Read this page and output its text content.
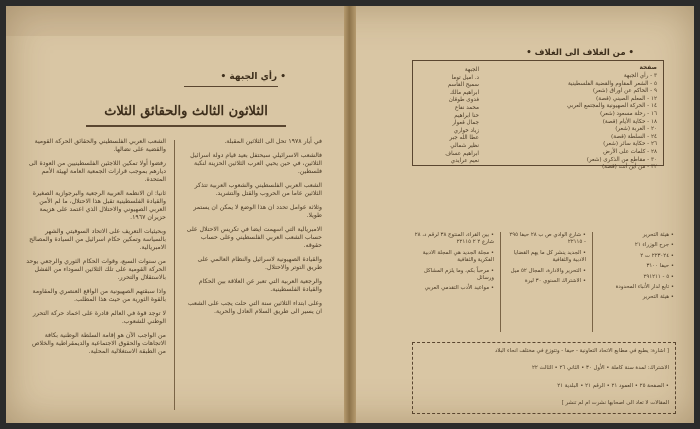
• رأي الجبهة •
الثلاثون الثالث والحقائق الثلاث

الشعب العربي الفلسطيني والحقائق الحركة القومية والقضية على نضالها.

رفضوا أولا تمكين اللاجئين الفلسطينيين من العودة الى ديارهم بموجب قرارات الجمعية العامة لهيئة الأمم المتحدة.

ثانيا: ان الانظمة العربية الرجعية والبرجوازية الصغيرة والقيادة الفلسطينية تقبل هذا الاحتلال، ما لم الأمن العربي الصهيوني والاحتلال الذي اعتمد على هزيمة حزيران ١٩٦٧.

وبحيثيات التعريف على الاتحاد السوفيتي والشهر بالسياسة وتمكين حكام اسرائيل من السيادة والمصالح الامبريالية.

من سنوات السبع، وقوات الحكام الثوري والرجعي يوحد الحركة القومية على تلك الثلاثين السوداء من الفشل بالاستقلال والتحرر.

واذا سبقتهم الصهيونية من الواقع العنصري والمقاومة بالقوة الثورية من حيث هذا المطلب.

لا توجد قوة في العالم قادرة على اخماد حركة التحرر الوطني للشعوب.

من الواجب الآن هو إقامة السلطة الوطنية بكافة الاتجاهات والحقوق الاجتماعية والديمقراطية والخلاص من الطبقة الاستغلالية المحلية.

في أيار ١٩٧٨ تحل الى الثلاثين المقبلة.

فالشعب الاسرائيلي سيحتفل بعيد قيام دولة اسرائيل الثلاثين، في حين يحيي العرب الثلاثين الحزينة لنكبة فلسطين.

الشعب العربي الفلسطيني والشعوب العربية تتذكر الثلاثين عاما من الحروب والقتل والتشريد.

وثلاثة عوامل تحدد ان هذا الوضع لا يمكن ان يستمر طويلا.

الامبريالية التي اسهمت ايضا في تكريس الاحتلال على حساب الشعب العربي الفلسطيني وعلى حساب حقوقه.

والقيادة الصهيونية لاسرائيل والنظام العالمي على طريق التوتر والاحتلال.

والرجعية العربية التي تعبر عن العلاقة بين الحكام والقيادة الفلسطينية.

وعلى ابتداء الثلاثين سنة التي حلت يجب على الشعب ان يسير الى طريق السلام العادل والحرية.

• من الغلاف الى الغلاف •
صفحة
الجبهة
د. اميل توما
سميح القاسم
ابراهيم مالك
فدوى طوقان
محمد نفاع
حنا ابراهيم
جمال قعوار
زياد خواري
عطا الله جبر
نظير شمالي
ابراهيم عساف
نعيم عرايدي
٣ - رأي الجبهة
٥ - الشعر المقاوم والقضية الفلسطينية
٩ - الحاكم عن اوراق (شعر)
١٢ - المعلم الصيني (قصة)
١٤ - الحركة الصهيونية والمجتمع العربي
١٦ - رحلة مسعود (شعر)
١٨ - حكاية الأيام (قصة)
٢٠ - الغربة (شعر)
٢٤ - السلطة (قصة)
٢٦ - حكاية سائر (شعر)
٢٨ - كلمات على الأرض
٣٠ - مقاطع من الذكرى (شعر)
٣٢ - من أين أنت (قصة)
• بين القراء، المنتوج ٣٨ لرقم د، ٢٨ شارع ٢ ٢ ٢٢١١٥
• مجلة الجديد هي المجلة الادبية الفكرية والثقافية
• مرحباً بكم، وما يلزم المشاكل ورسائل
• مواعيد الأدب التقدمي العربي
• شارع الوادي ص ب ٢٨ حيفا ٢٩٥ - ٢٢١١٥
• الجديد ينشر كل ما يهم القضايا الادبية والثقافية
• التحرير والادارة، المجال ٥٢ ميل
• الاشتراك السنوي ٣٠ ليرة
• هيئة التحرير
• جرح الوزراء ٢١
• ٢٢٣٠٢٤ ت ٢
• حيفا ٣١٠٠
• ٥ - ٢٩١٢١١
• تابع لدار الأنباء المحدودة
• هيئة التحرير

[ اشارة: يطبع في مطابع الاتحاد التعاونية - حيفا - وتتوزع في مختلف انحاء البلاد

الاشتراك: لمدة سنة كاملة • الأول ٣٠ • الثاني ٢٦ • الثالث ٢٢

• الصفحة ٢٥ • العمود ٢١ • الرقم ٢١ • البلدية ٢١

المقالات لا تعاد الى اصحابها نشرت ام لم تنشر ]
